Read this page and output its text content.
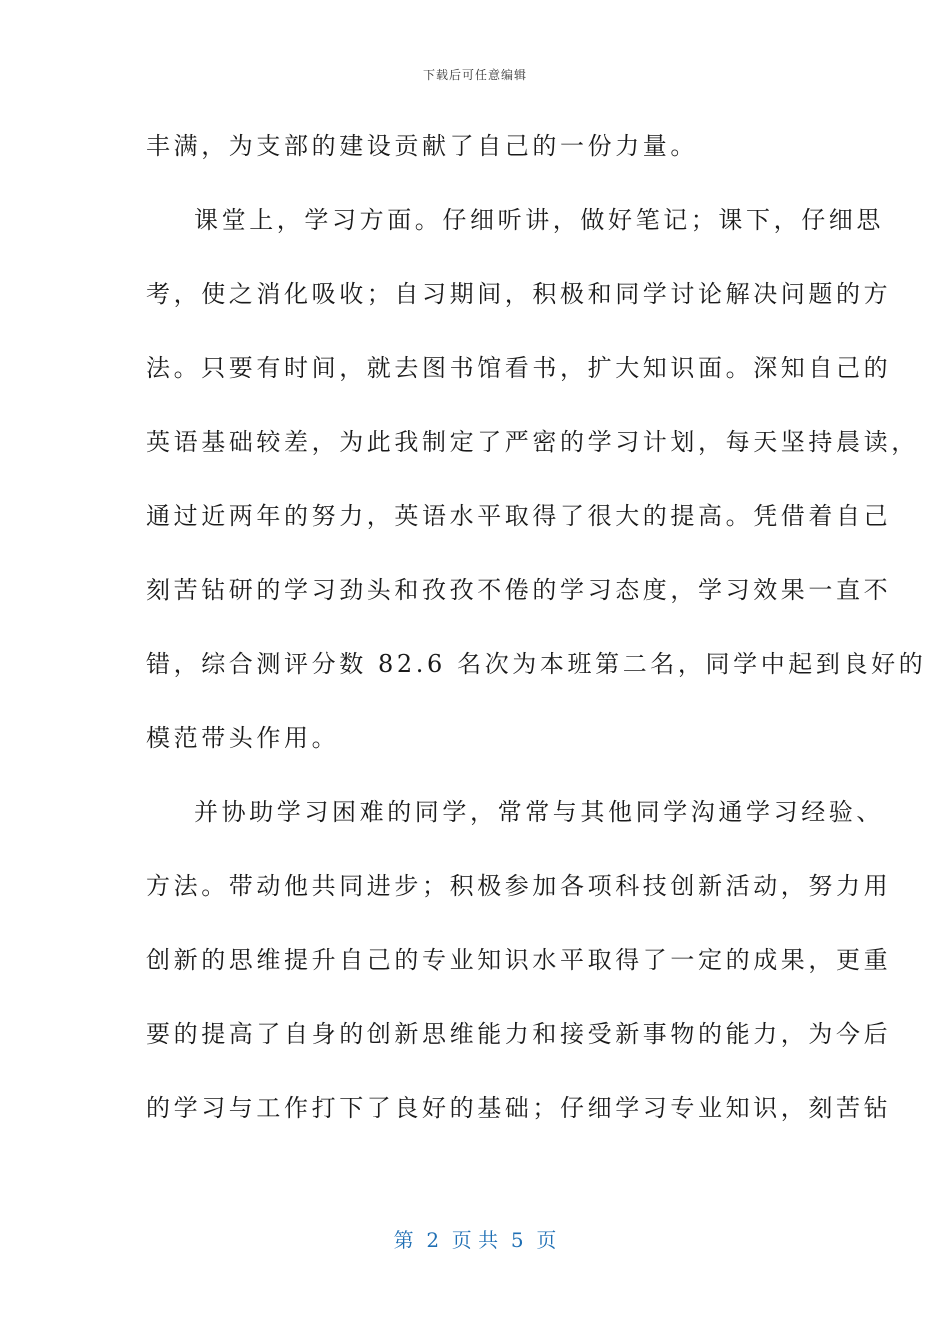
下载后可任意编辑
丰满，为支部的建设贡献了自己的一份力量。
课堂上，学习方面。仔细听讲，做好笔记；课下，仔细思
考，使之消化吸收；自习期间，积极和同学讨论解决问题的方
法。只要有时间，就去图书馆看书，扩大知识面。深知自己的
英语基础较差，为此我制定了严密的学习计划，每天坚持晨读，
通过近两年的努力，英语水平取得了很大的提高。凭借着自己
刻苦钻研的学习劲头和孜孜不倦的学习态度，学习效果一直不
错，综合测评分数 82.6 名次为本班第二名，同学中起到良好的
模范带头作用。
并协助学习困难的同学，常常与其他同学沟通学习经验、
方法。带动他共同进步；积极参加各项科技创新活动，努力用
创新的思维提升自己的专业知识水平取得了一定的成果，更重
要的提高了自身的创新思维能力和接受新事物的能力，为今后
的学习与工作打下了良好的基础；仔细学习专业知识，刻苦钻
第  2  页 共  5  页
